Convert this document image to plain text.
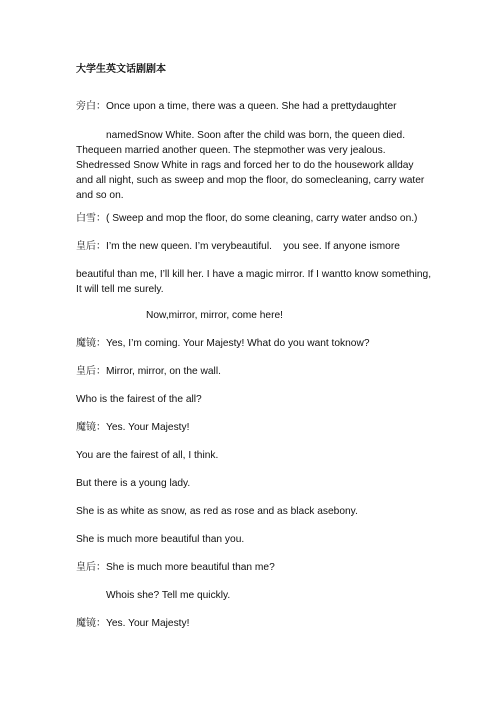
大学生英文话剧剧本
旁白：Once upon a time, there was a queen. She had a prettydaughter
namedSnow White. Soon after the child was born, the queen died.
Thequeen married another queen. The stepmother was very jealous.
Shedressed Snow White in rags and forced her to do the housework allday
and all night, such as sweep and mop the floor, do somecleaning, carry water
and so on.
白雪：( Sweep and mop the floor, do some cleaning, carry water andso on.)
皇后：I’m the new queen. I’m verybeautiful.    you see. If anyone ismore
beautiful than me, I’ll kill her. I have a magic mirror. If I wantto know something,
It will tell me surely.
Now,mirror, mirror, come here!
魔镜：Yes, I’m coming. Your Majesty! What do you want toknow?
皇后：Mirror, mirror, on the wall.
Who is the fairest of the all?
魔镜：Yes. Your Majesty!
You are the fairest of all, I think.
But there is a young lady.
She is as white as snow, as red as rose and as black asebony.
She is much more beautiful than you.
皇后：She is much more beautiful than me?
Whois she? Tell me quickly.
魔镜：Yes. Your Majesty!
